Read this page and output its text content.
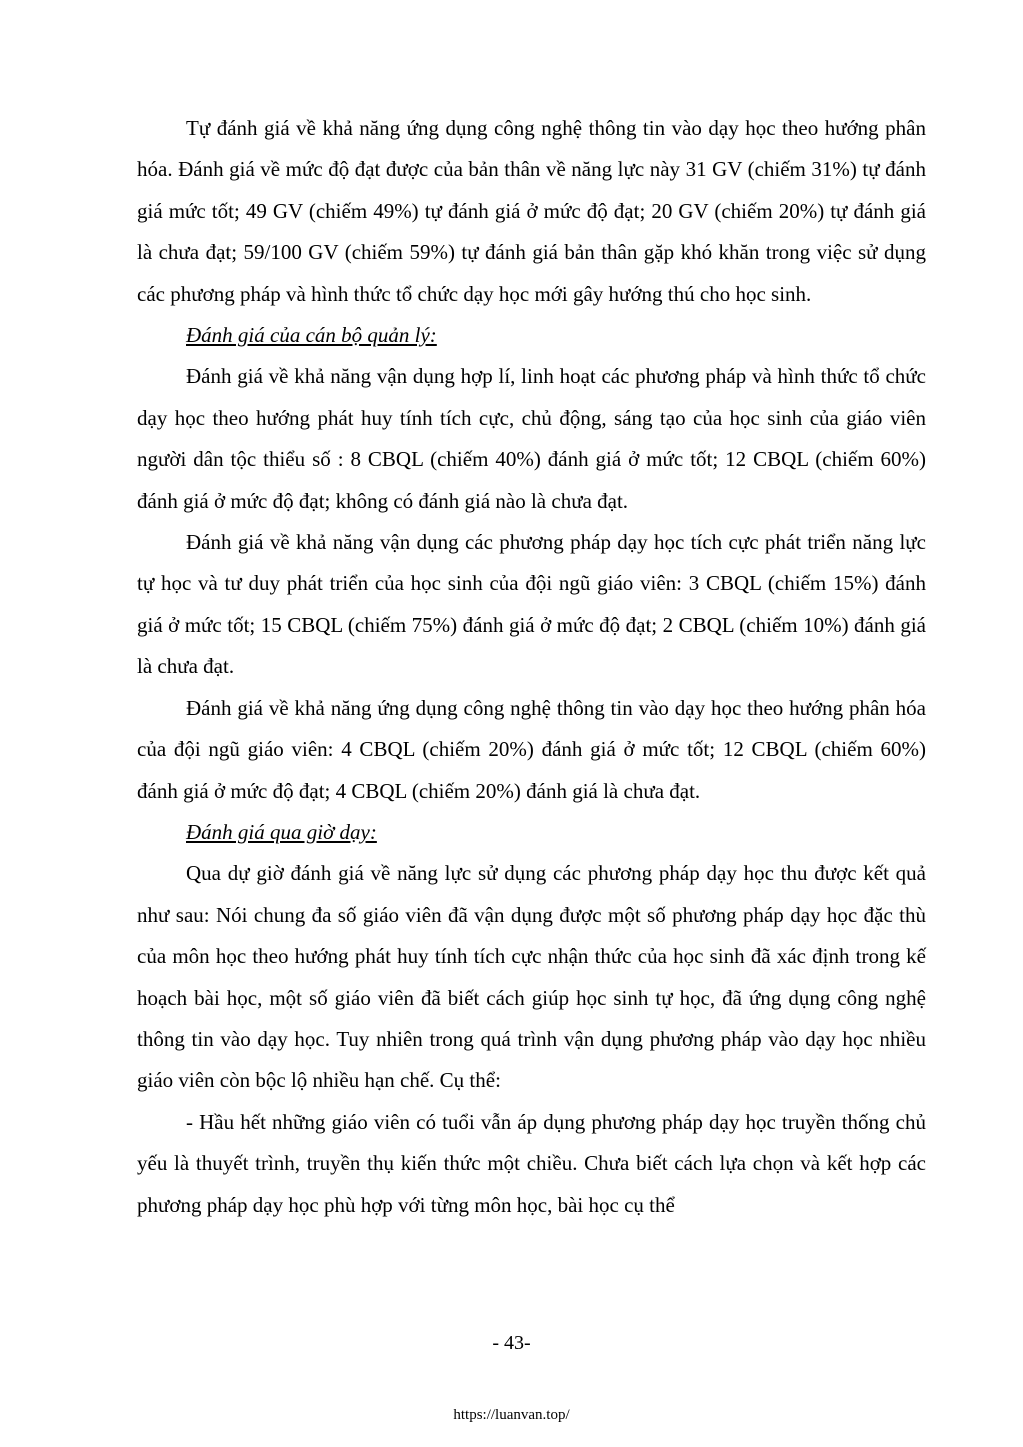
Tự đánh giá về khả năng ứng dụng công nghệ thông tin vào dạy học theo hướng phân hóa. Đánh giá về mức độ đạt được của bản thân về năng lực này 31 GV (chiếm 31%) tự đánh giá mức tốt; 49 GV (chiếm 49%) tự đánh giá ở mức độ đạt; 20 GV (chiếm 20%) tự đánh giá là chưa đạt; 59/100 GV (chiếm 59%) tự đánh giá bản thân gặp khó khăn trong việc sử dụng các phương pháp và hình thức tổ chức dạy học mới gây hướng thú cho học sinh.

Đánh giá của cán bộ quản lý:

Đánh giá về khả năng vận dụng hợp lí, linh hoạt các phương pháp và hình thức tổ chức dạy học theo hướng phát huy tính tích cực, chủ động, sáng tạo của học sinh của giáo viên người dân tộc thiểu số : 8 CBQL (chiếm 40%) đánh giá ở mức tốt; 12 CBQL (chiếm 60%) đánh giá ở mức độ đạt; không có đánh giá nào là chưa đạt.

Đánh giá về khả năng vận dụng các phương pháp dạy học tích cực phát triển năng lực tự học và tư duy phát triển của học sinh của đội ngũ giáo viên: 3 CBQL (chiếm 15%) đánh giá ở mức tốt; 15 CBQL (chiếm 75%) đánh giá ở mức độ đạt; 2 CBQL (chiếm 10%) đánh giá là chưa đạt.

Đánh giá về khả năng ứng dụng công nghệ thông tin vào dạy học theo hướng phân hóa của đội ngũ giáo viên: 4 CBQL (chiếm 20%) đánh giá ở mức tốt; 12 CBQL (chiếm 60%) đánh giá ở mức độ đạt; 4 CBQL (chiếm 20%) đánh giá là chưa đạt.

Đánh giá qua giờ dạy:

Qua dự giờ đánh giá về năng lực sử dụng các phương pháp dạy học thu được kết quả như sau: Nói chung đa số giáo viên đã vận dụng được một số phương pháp dạy học đặc thù của môn học theo hướng phát huy tính tích cực nhận thức của học sinh đã xác định trong kế hoạch bài học, một số giáo viên đã biết cách giúp học sinh tự học, đã ứng dụng công nghệ thông tin vào dạy học. Tuy nhiên trong quá trình vận dụng phương pháp vào dạy học nhiều giáo viên còn bộc lộ nhiều hạn chế. Cụ thể:

- Hầu hết những giáo viên có tuổi vẫn áp dụng phương pháp dạy học truyền thống chủ yếu là thuyết trình, truyền thụ kiến thức một chiều. Chưa biết cách lựa chọn và kết hợp các phương pháp dạy học phù hợp với từng môn học, bài học cụ thể

- 43-
https://luanvan.top/
